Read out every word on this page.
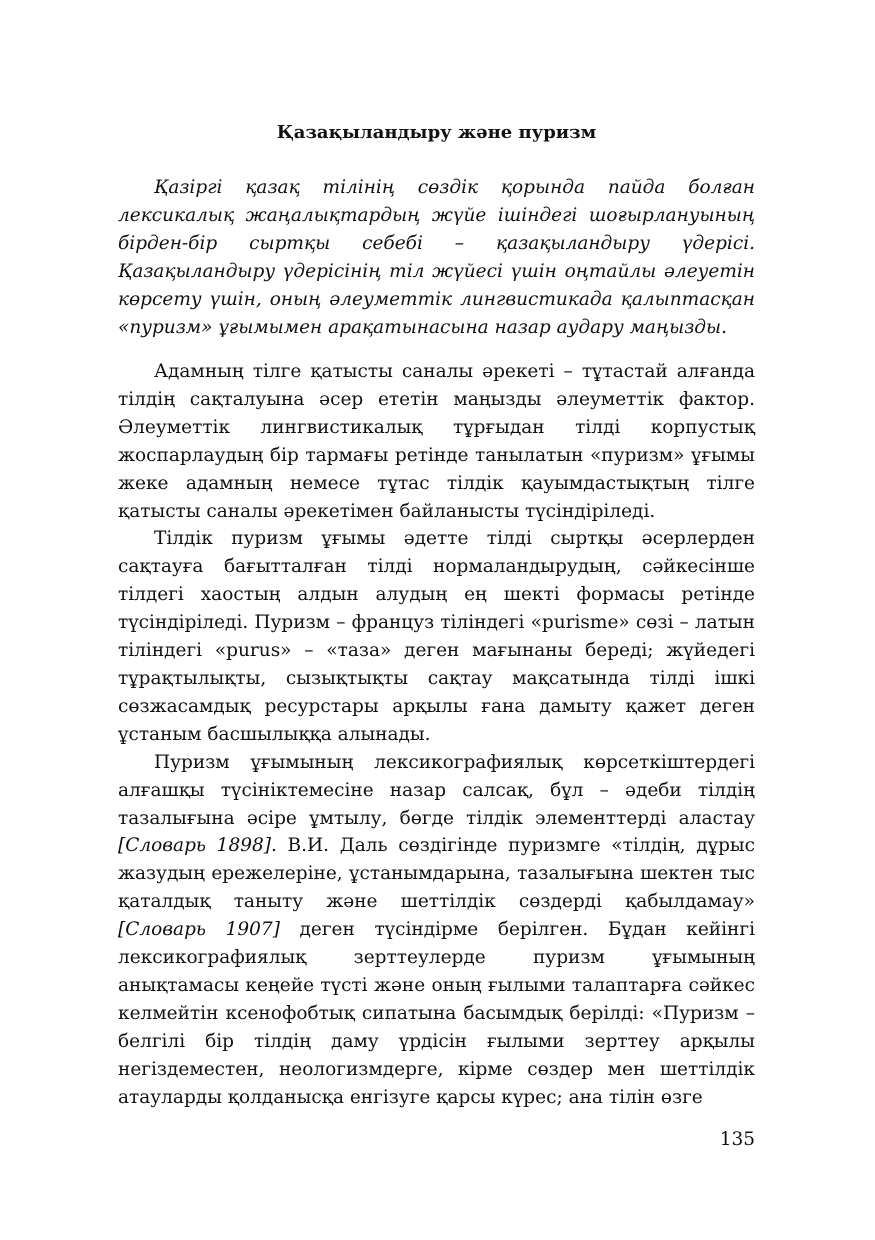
Қазақыландыру және пуризм

Қазіргі қазақ тілінің сөздік қорында пайда болған лексикалық жаңалықтардың жүйе ішіндегі шоғырлануының бірден-бір сыртқы себебі – қазақыландыру үдерісі. Қазақыландыру үдерісінің тіл жүйесі үшін оңтайлы әлеуетін көрсету үшін, оның әлеуметтік лингвистикада қалыптасқан «пуризм» ұғымымен арақатынасына назар аудару маңызды.

Адамның тілге қатысты саналы әрекеті – тұтастай алғанда тілдің сақталуына әсер ететін маңызды әлеуметтік фактор. Әлеуметтік лингвистикалық тұрғыдан тілді корпустық жоспарлаудың бір тармағы ретінде танылатын «пуризм» ұғымы жеке адамның немесе тұтас тілдік қауымдастықтың тілге қатысты саналы әрекетімен байланысты түсіндіріледі.

Тілдік пуризм ұғымы әдетте тілді сыртқы әсерлерден сақтауға бағытталған тілді нормаландырудың, сәйкесінше тілдегі хаостың алдын алудың ең шекті формасы ретінде түсіндіріледі. Пуризм – француз тіліндегі «purisme» сөзі – латын тіліндегі «purus» – «таза» деген мағынаны береді; жүйедегі тұрақтылықты, сызықтықты сақтау мақсатында тілді ішкі сөзжасамдық ресурстары арқылы ғана дамыту қажет деген ұстаным басшылыққа алынады.

Пуризм ұғымының лексикографиялық көрсеткіштердегі алғашқы түсініктемесіне назар салсақ, бұл – әдеби тілдің тазалығына әсіре ұмтылу, бөгде тілдік элементтерді аластау [Словарь 1898]. В.И. Даль сөздігінде пуризмге «тілдің, дұрыс жазудың ережелеріне, ұстанымдарына, тазалығына шектен тыс қаталдық таныту және шеттілдік сөздерді қабылдамау» [Словарь 1907] деген түсіндірме берілген. Бұдан кейінгі лексикографиялық зерттеулерде пуризм ұғымының анықтамасы кеңейе түсті және оның ғылыми талаптарға сәйкес келмейтін ксенофобтық сипатына басымдық берілді: «Пуризм – белгілі бір тілдің даму үрдісін ғылыми зерттеу арқылы негіздеместен, неологизмдерге, кірме сөздер мен шеттілдік атауларды қолданысқа енгізуге қарсы күрес; ана тілін өзге

135
